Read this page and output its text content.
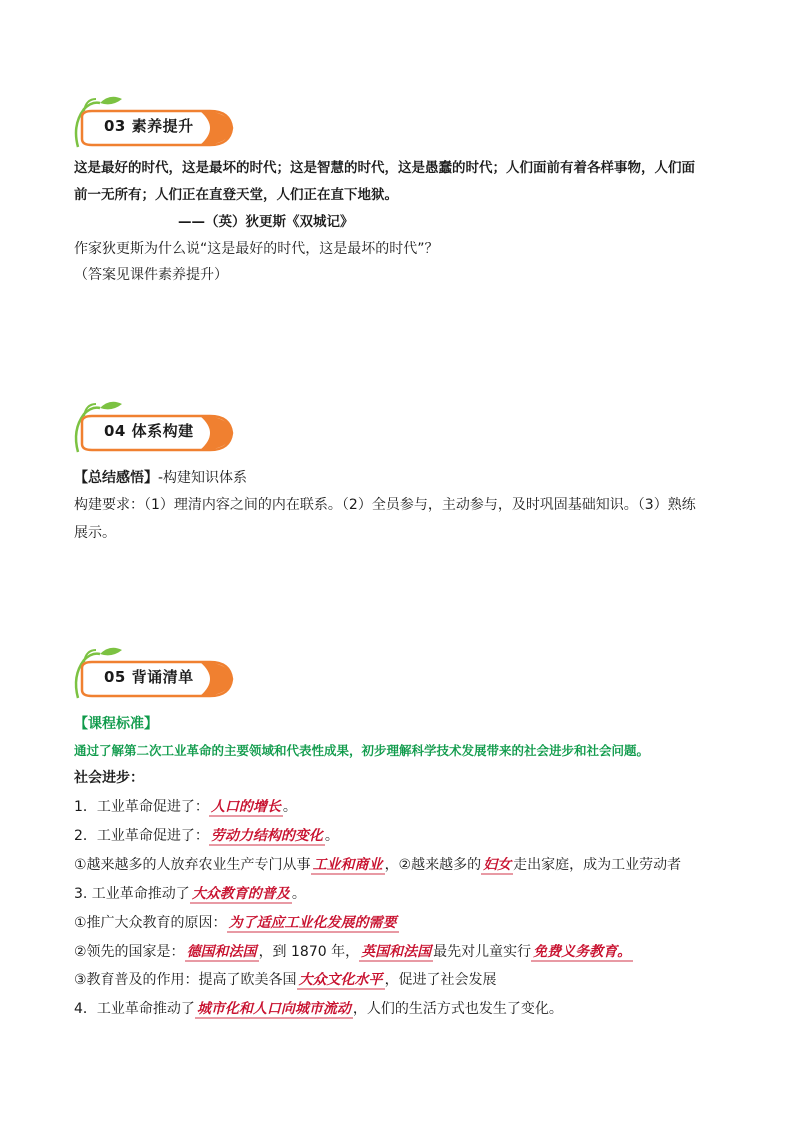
03 素养提升
这是最好的时代，这是最坏的时代；这是智慧的时代，这是愚蠢的时代；人们面前有着各样事物，人们面
前一无所有；人们正在直登天堂，人们正在直下地狱。
——（英）狄更斯《双城记》
作家狄更斯为什么说“这是最好的时代，这是最坏的时代”？
（答案见课件素养提升）
04 体系构建
【总结感悟】-构建知识体系
构建要求：（1）理清内容之间的内在联系。（2）全员参与，主动参与，及时巩固基础知识。（3）熟练
展示。
05 背诵清单
【课程标准】
通过了解第二次工业革命的主要领域和代表性成果，初步理解科学技术发展带来的社会进步和社会问题。
社会进步：
1．工业革命促进了： 人口的增长 。
2．工业革命促进了： 劳动力结构的变化 。
①越来越多的人放弃农业生产专门从事 工业和商业 ，②越来越多的 妇女 走出家庭，成为工业劳动者
3. 工业革命推动了 大众教育的普及 。
①推广大众教育的原因： 为了适应工业化发展的需要
②领先的国家是： 德国和法国 ，到 1870 年， 英国和法国 最先对儿童实行 免费义务教育。
③教育普及的作用：提高了欧美各国 大众文化水平 ，促进了社会发展
4．工业革命推动了 城市化和人口向城市流动 ，人们的生活方式也发生了变化。
